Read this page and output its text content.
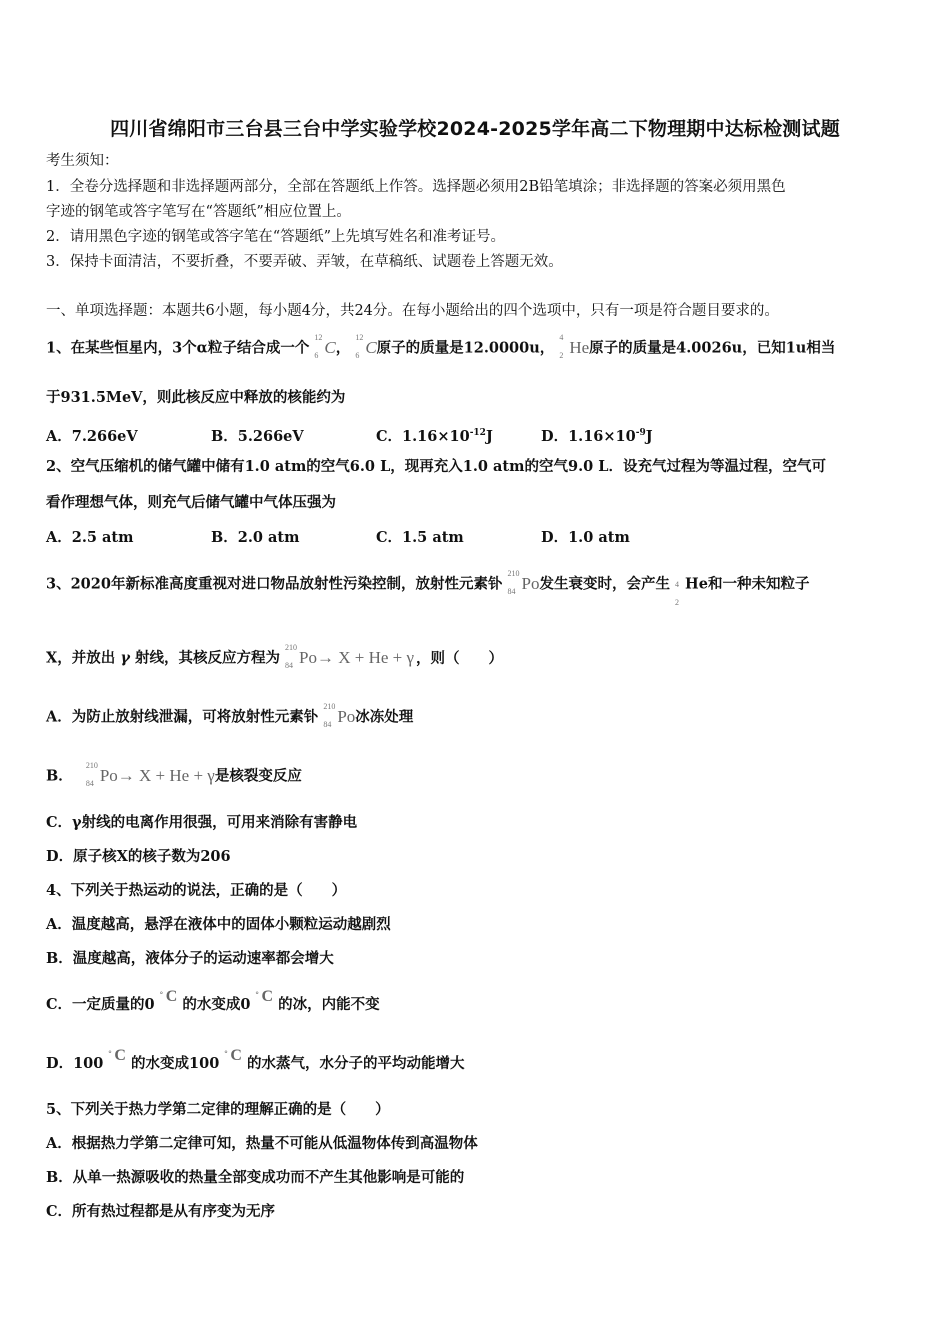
四川省绵阳市三台县三台中学实验学校2024-2025学年高二下物理期中达标检测试题
考生须知：
1．全卷分选择题和非选择题两部分，全部在答题纸上作答。选择题必须用2B铅笔填涂；非选择题的答案必须用黑色
字迹的钢笔或答字笔写在“答题纸”相应位置上。
2．请用黑色字迹的钢笔或答字笔在“答题纸”上先填写姓名和准考证号。
3．保持卡面清洁，不要折叠，不要弄破、弄皱，在草稿纸、试题卷上答题无效。
一、单项选择题：本题共6小题，每小题4分，共24分。在每小题给出的四个选项中，只有一项是符合题目要求的。
1、在某些恒星内，3个α粒子结合成一个
12
6 C，
12
6 C原子的质量是12.0000u，
4
2 He原子的质量是4.0026u，已知1u相当
于931.5MeV，则此核反应中释放的核能约为
A．7.266eV	B．5.266eV	C．$1.16\times 10^{-12}J$	D．$1.16\times 10^{-9}J$
2、空气压缩机的储气罐中储有1.0 atm的空气6.0 L，现再充入1.0 atm的空气9.0 L．设充气过程为等温过程，空气可
看作理想气体，则充气后储气罐中气体压强为
A．2.5 atm	B．2.0 atm	C．1.5 atm	D．1.0 atm
3、2020年新标准高度重视对进口物品放射性污染控制，放射性元素钋
210
84 Po发生衰变时，会产生 4
2
He和一种未知粒子
X，并放出 γ 射线，其核反应方程为
210
84 Po→ X + He + γ ，则（　　）
A．为防止放射线泄漏，可将放射性元素钋
210
84 Po冰冻处理
B．
210
84 Po→ X + He + γ是核裂变反应
C．γ射线的电离作用很强，可用来消除有害静电
D．原子核X的核子数为206
4、下列关于热运动的说法，正确的是（　　）
A．温度越高，悬浮在液体中的固体小颗粒运动越剧烈
B．温度越高，液体分子的运动速率都会增大
C．一定质量的0
° C 的水变成0
° C 的冰，内能不变
D．100
° C 的水变成100
° C 的水蒸气，水分子的平均动能增大
5、下列关于热力学第二定律的理解正确的是（　　）
A．根据热力学第二定律可知，热量不可能从低温物体传到高温物体
B．从单一热源吸收的热量全部变成功而不产生其他影响是可能的
C．所有热过程都是从有序变为无序
